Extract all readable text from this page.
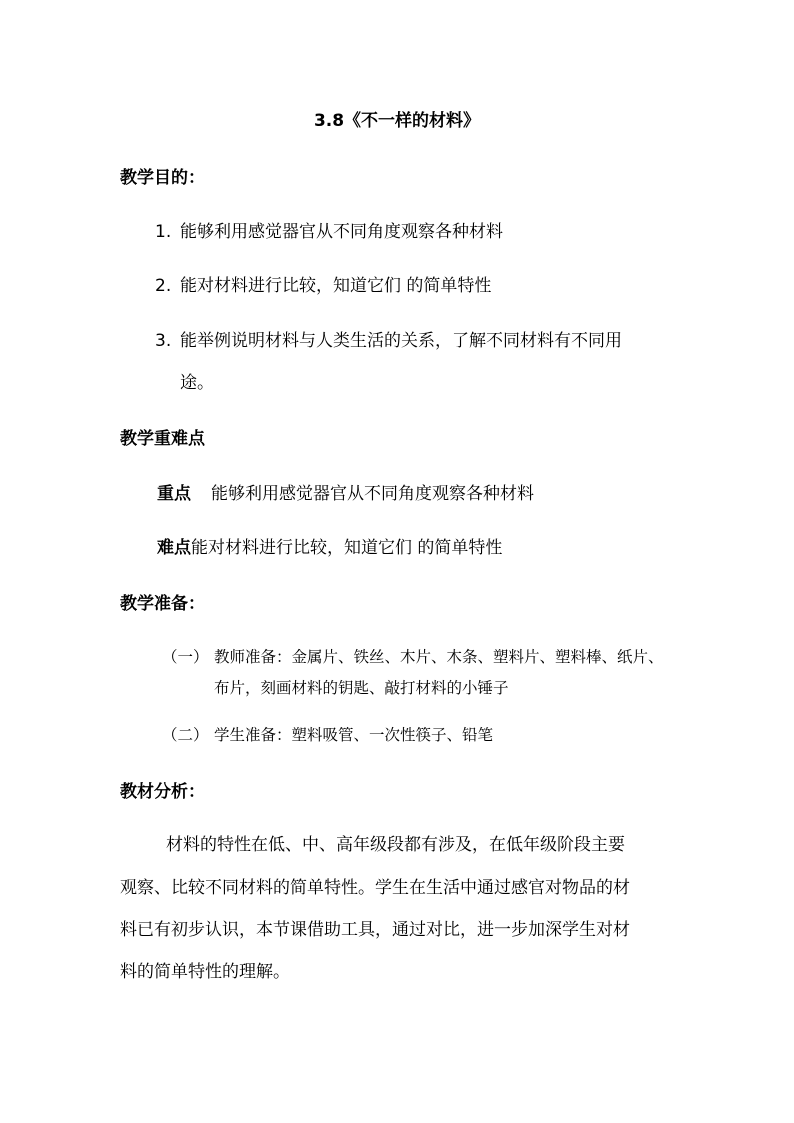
3.8《不一样的材料》
教学目的：
1. 能够利用感觉器官从不同角度观察各种材料
2. 能对材料进行比较，知道它们 的简单特性
3. 能举例说明材料与人类生活的关系，了解不同材料有不同用
途。
教学重难点
重点 能够利用感觉器官从不同角度观察各种材料
难点能对材料进行比较，知道它们 的简单特性
教学准备：
（一） 教师准备：金属片、铁丝、木片、木条、塑料片、塑料棒、纸片、
布片，刻画材料的钥匙、敲打材料的小锤子
（二） 学生准备：塑料吸管、一次性筷子、铅笔
教材分析：
材料的特性在低、中、高年级段都有涉及，在低年级阶段主要
观察、比较不同材料的简单特性。学生在生活中通过感官对物品的材
料已有初步认识，本节课借助工具，通过对比，进一步加深学生对材
料的简单特性的理解。
